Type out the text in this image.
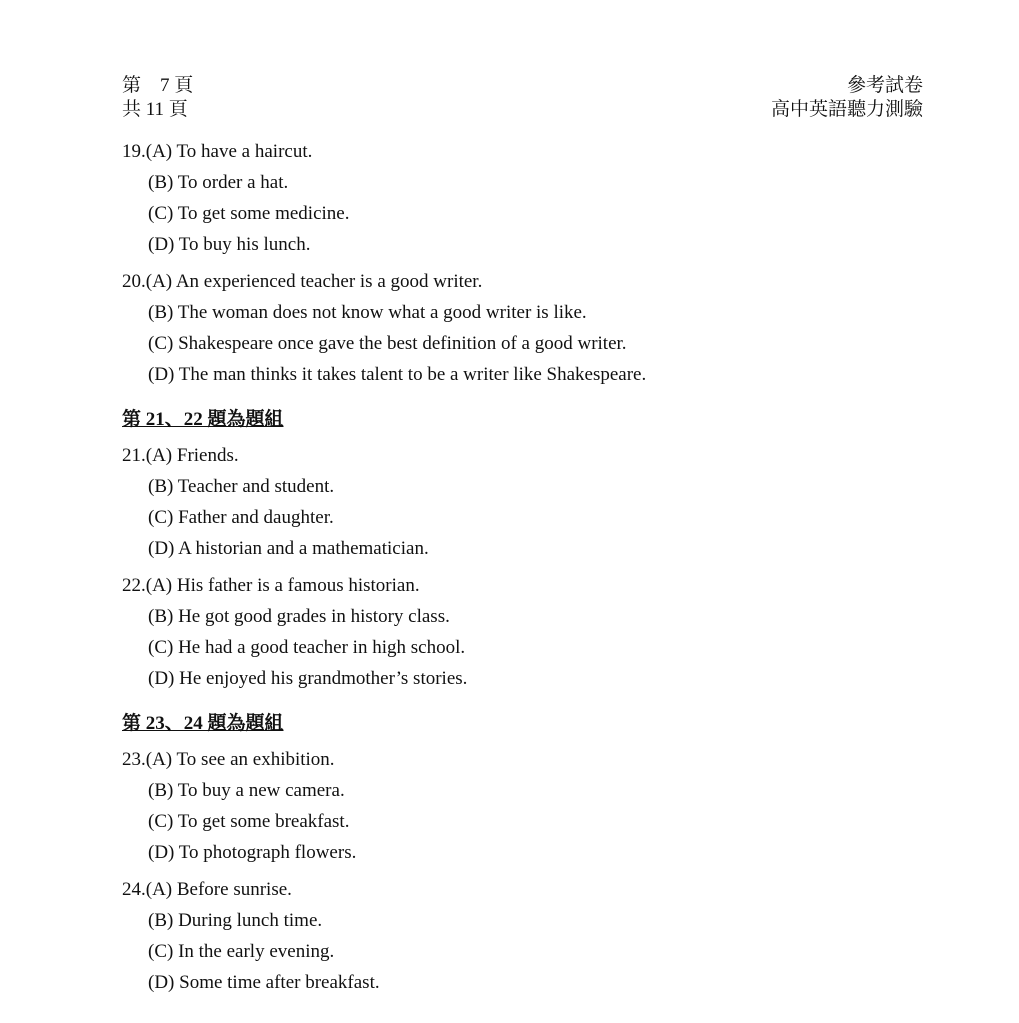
第　7 頁
共 11 頁
參考試卷
高中英語聽力測驗
19.(A) To have a haircut.
(B) To order a hat.
(C) To get some medicine.
(D) To buy his lunch.
20.(A) An experienced teacher is a good writer.
(B) The woman does not know what a good writer is like.
(C) Shakespeare once gave the best definition of a good writer.
(D) The man thinks it takes talent to be a writer like Shakespeare.
第 21、22 題為題組
21.(A) Friends.
(B) Teacher and student.
(C) Father and daughter.
(D) A historian and a mathematician.
22.(A) His father is a famous historian.
(B) He got good grades in history class.
(C) He had a good teacher in high school.
(D) He enjoyed his grandmother’s stories.
第 23、24 題為題組
23.(A) To see an exhibition.
(B) To buy a new camera.
(C) To get some breakfast.
(D) To photograph flowers.
24.(A) Before sunrise.
(B) During lunch time.
(C) In the early evening.
(D) Some time after breakfast.
